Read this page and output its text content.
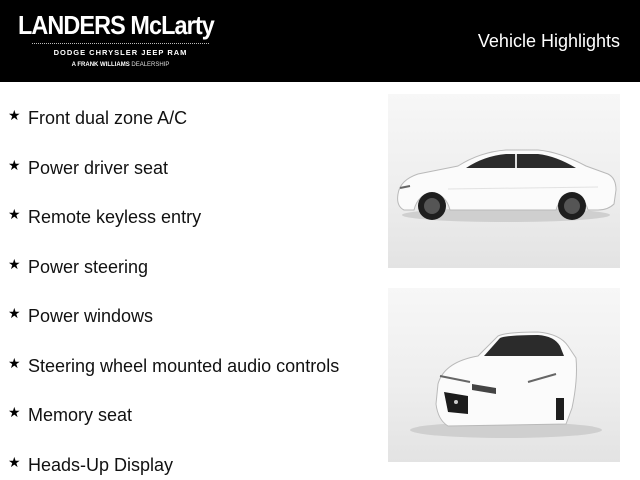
LANDERS McLarty
DODGE CHRYSLER JEEP RAM
A FRANK WILLIAMS DEALERSHIP
Vehicle Highlights
★ Front dual zone A/C
★ Power driver seat
★ Remote keyless entry
★ Power steering
★ Power windows
★ Steering wheel mounted audio controls
★ Memory seat
★ Heads-Up Display
